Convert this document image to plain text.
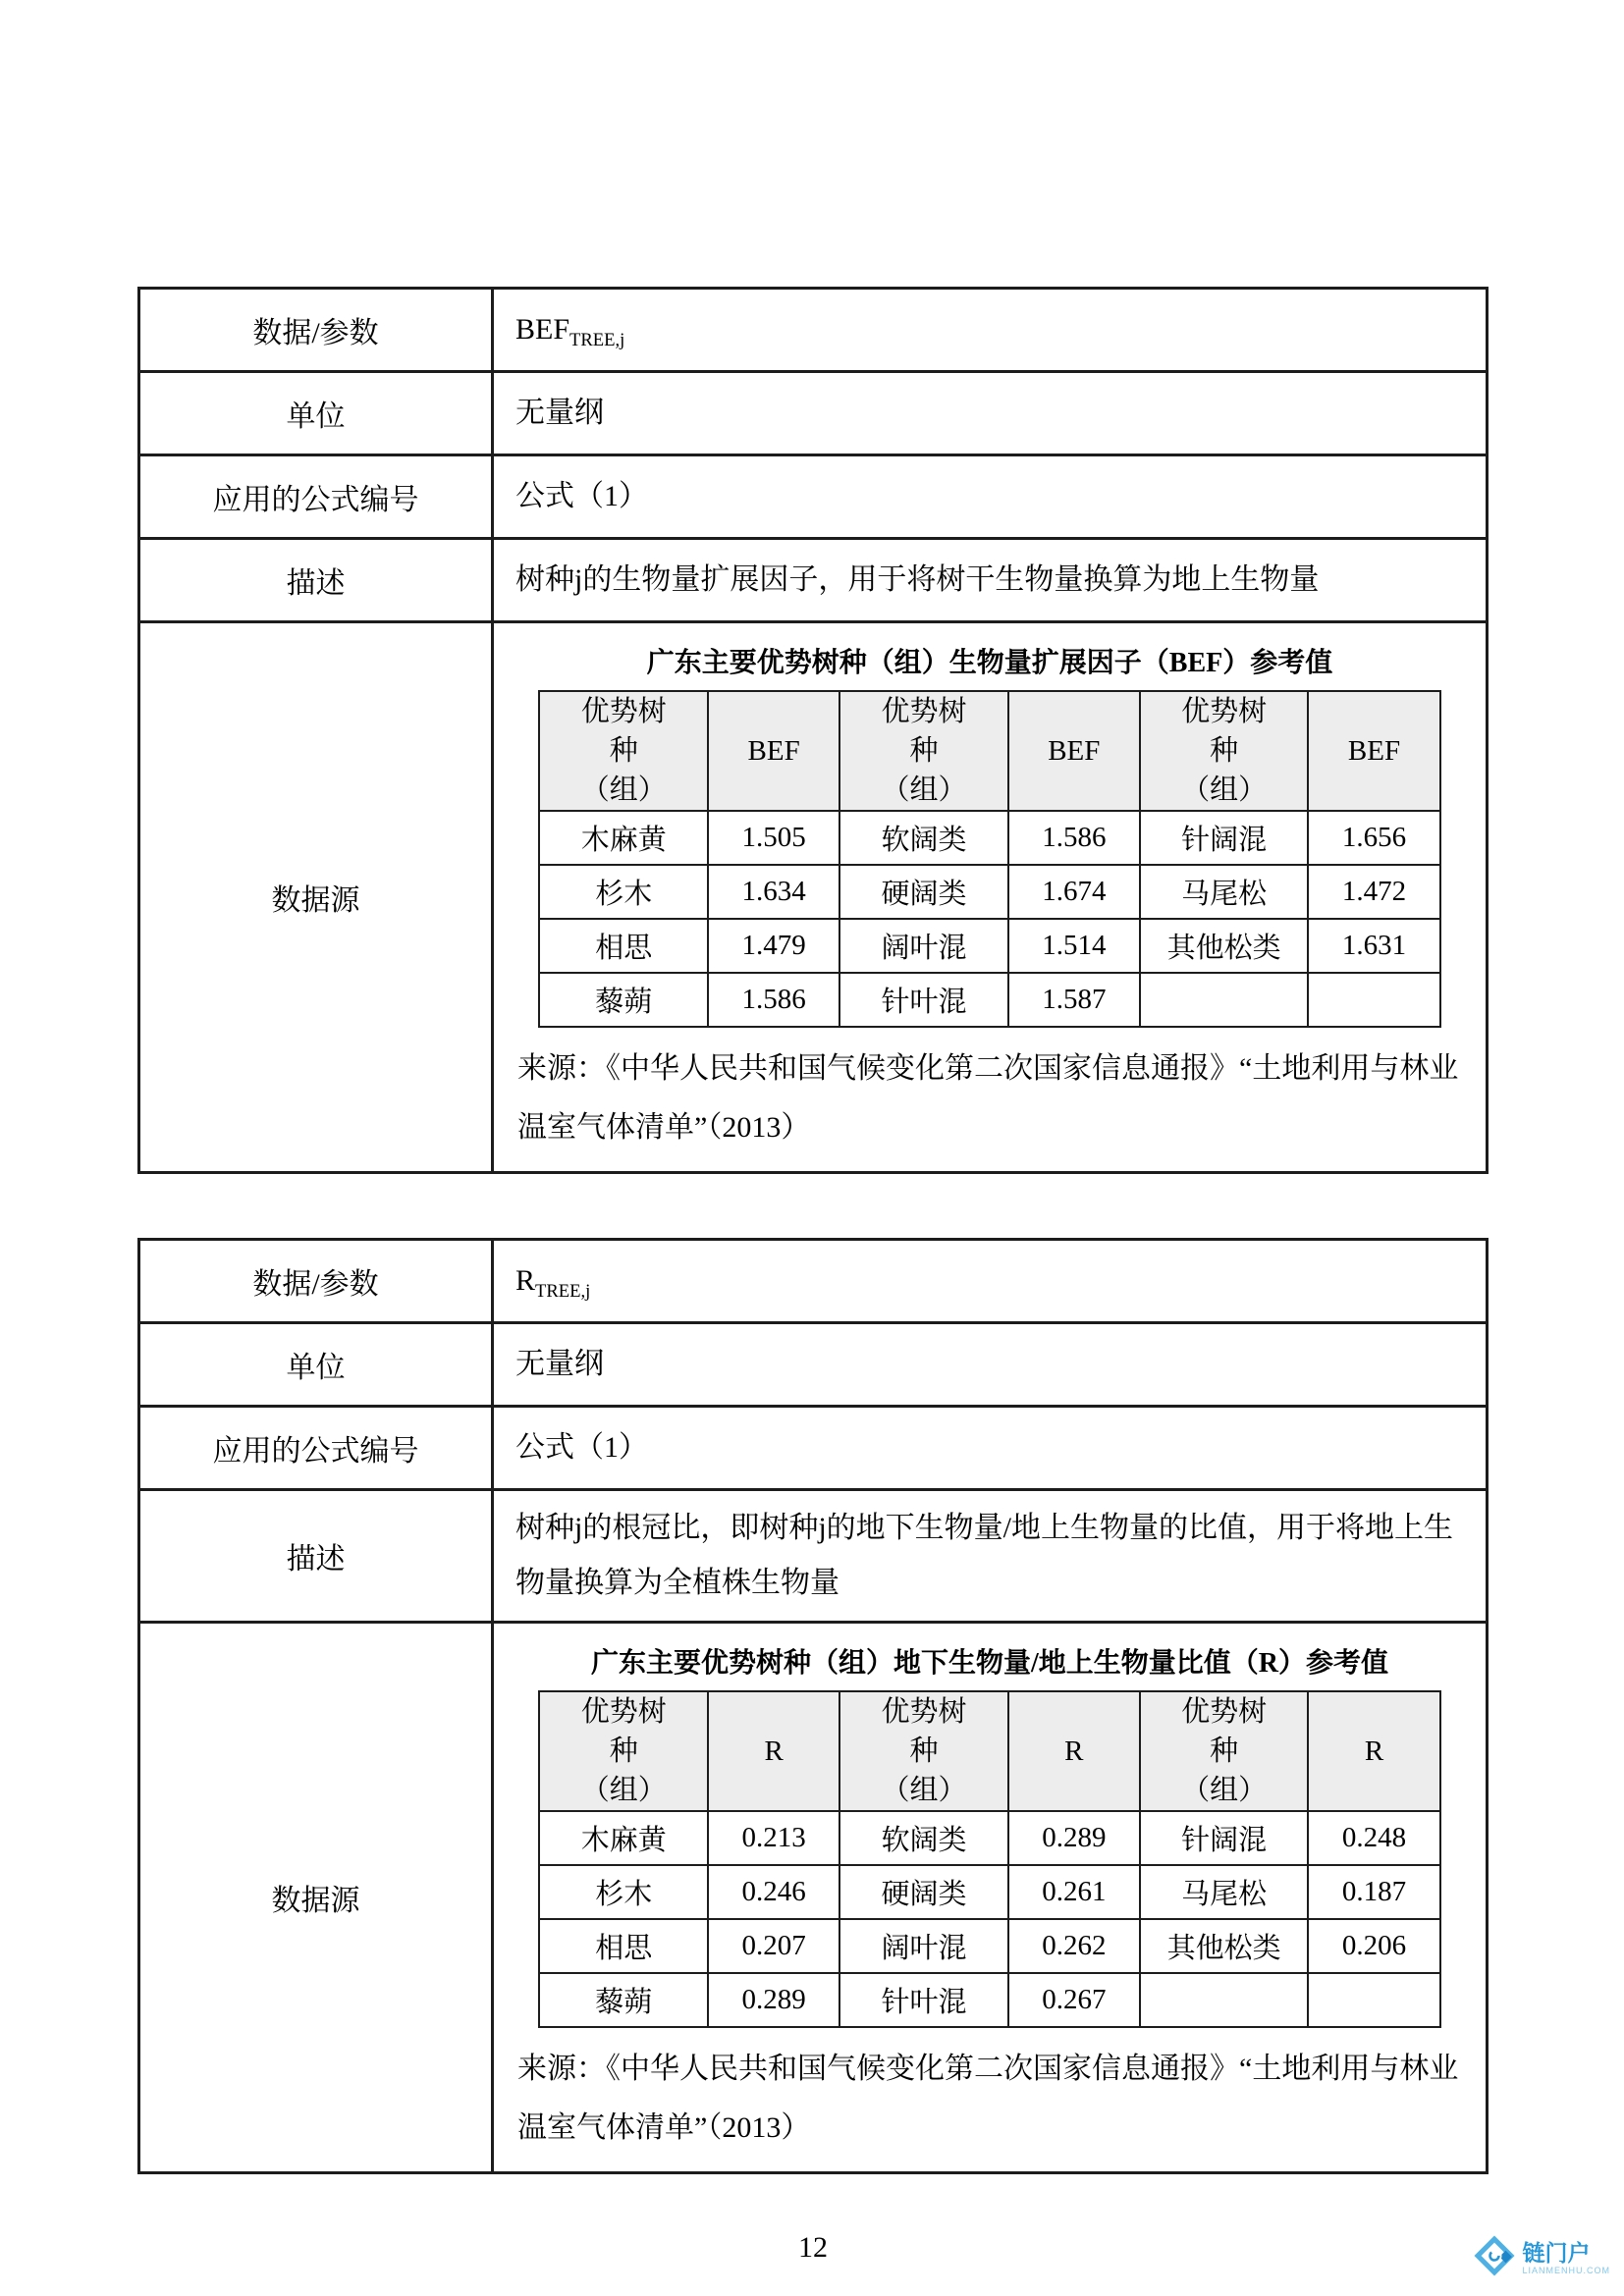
数据/参数	$BEF_{TREE,j}$
单位	无量纲
应用的公式编号	公式（1）
描述	树种j的生物量扩展因子，用于将树干生物量换算为地上生物量
数据源	
广东主要优势树种（组）生物量扩展因子（BEF）参考值
优势树种（组）	BEF	优势树种（组）	BEF	优势树种（组）	BEF
木麻黄	1.505	软阔类	1.586	针阔混	1.656
杉木	1.634	硬阔类	1.674	马尾松	1.472
相思	1.479	阔叶混	1.514	其他松类	1.631
藜蒴	1.586	针叶混	1.587		
来源：《中华人民共和国气候变化第二次国家信息通报》“土地利用与林业温室气体清单”（2013）
数据/参数	$R_{TREE,j}$
单位	无量纲
应用的公式编号	公式（1）
描述	树种j的根冠比，即树种j的地下生物量/地上生物量的比值，用于将地上生物量换算为全植株生物量
数据源	
广东主要优势树种（组）地下生物量/地上生物量比值（R）参考值
优势树种（组）	R	优势树种（组）	R	优势树种（组）	R
木麻黄	0.213	软阔类	0.289	针阔混	0.248
杉木	0.246	硬阔类	0.261	马尾松	0.187
相思	0.207	阔叶混	0.262	其他松类	0.206
藜蒴	0.289	针叶混	0.267		
来源：《中华人民共和国气候变化第二次国家信息通报》“土地利用与林业温室气体清单”（2013）
12	链门户
LIANMENHU.COM
